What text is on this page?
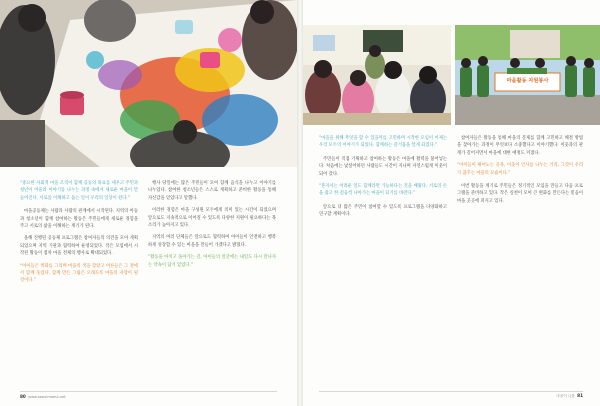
“중요한 사회적 마을 조직이 함께 공동의 목표를 세우고 주민과 청년이 어울려 이야기를 나누는 과정 속에서 새로운 마을이 만들어진다. 서로를 이해하고 돕는 일이 우리의 일상이 된다.”

마을공동체는 사람과 사람의 관계에서 시작된다. 지역의 아동과 청소년이 함께 참여하는 활동은 주민들에게 새로운 경험을 주고 서로의 삶을 이해하는 계기가 된다.

올해 진행된 공동체 프로그램은 참여자들의 의견을 모아 계획되었으며 지역 기관과 협력하여 운영되었다. 작은 모임에서 시작된 활동이 점차 마을 전체의 행사로 확대되었다.

“아이들은 벽화를 그리며 마을의 색을 찾았고 어른들은 그 곁에서 함께 웃었다. 함께 만든 그림은 오래도록 마을의 자랑이 될 것이다.”

행사 당일에는 많은 주민들이 모여 함께 음식을 나누고 이야기를 나누었다. 참여한 청소년들은 스스로 계획하고 준비한 활동을 통해 자신감을 얻었다고 말했다.

이러한 경험은 마을 구성원 모두에게 의미 있는 시간이 되었으며 앞으로도 지속적으로 이어질 수 있도록 다양한 지원이 필요하다는 목소리가 높아지고 있다.

지역의 여러 단체들은 앞으로도 협력하여 아이들이 안전하고 행복하게 성장할 수 있는 마을을 만들어 가겠다고 밝혔다.

“활동을 마치고 돌아가는 길, 아이들의 얼굴에는 내일도 다시 만나자는 약속이 담겨 있었다.”
80 www.seoulmaeul.net
마을활동 자원봉사
“마을을 위해 무엇을 할 수 있을까를 고민하며 시작한 모임이 이제는 우리 모두의 이야기가 되었다. 함께하는 즐거움을 알게 되었다.”

주민들이 직접 기획하고 참여하는 활동은 마을에 활력을 불어넣는다. 처음에는 낯설어하던 사람들도 시간이 지나며 자연스럽게 이웃이 되어 갔다.

“혼자서는 어려운 일도 함께라면 가능하다는 것을 배웠다. 서로의 손을 잡고 한 걸음씩 나아가는 마을이 되기를 바란다.”

앞으로 더 많은 주민이 참여할 수 있도록 프로그램을 다양화하고 연구할 계획이다.

참여자들은 활동을 통해 마을의 문제를 함께 고민하고 해결 방법을 찾아가는 과정이 무엇보다 소중했다고 이야기했다. 이웃과의 관계가 깊어지면서 마을에 대한 애정도 커졌다.

“아이들이 뛰어노는 골목, 이웃이 인사를 나누는 거리, 그것이 우리가 꿈꾸는 마을의 모습이다.”

이번 활동을 계기로 주민들은 정기적인 모임을 만들고 다음 프로그램을 준비하고 있다. 작은 실천이 모여 큰 변화를 만든다는 믿음이 마을 곳곳에 퍼지고 있다.

마을이 나를 81
